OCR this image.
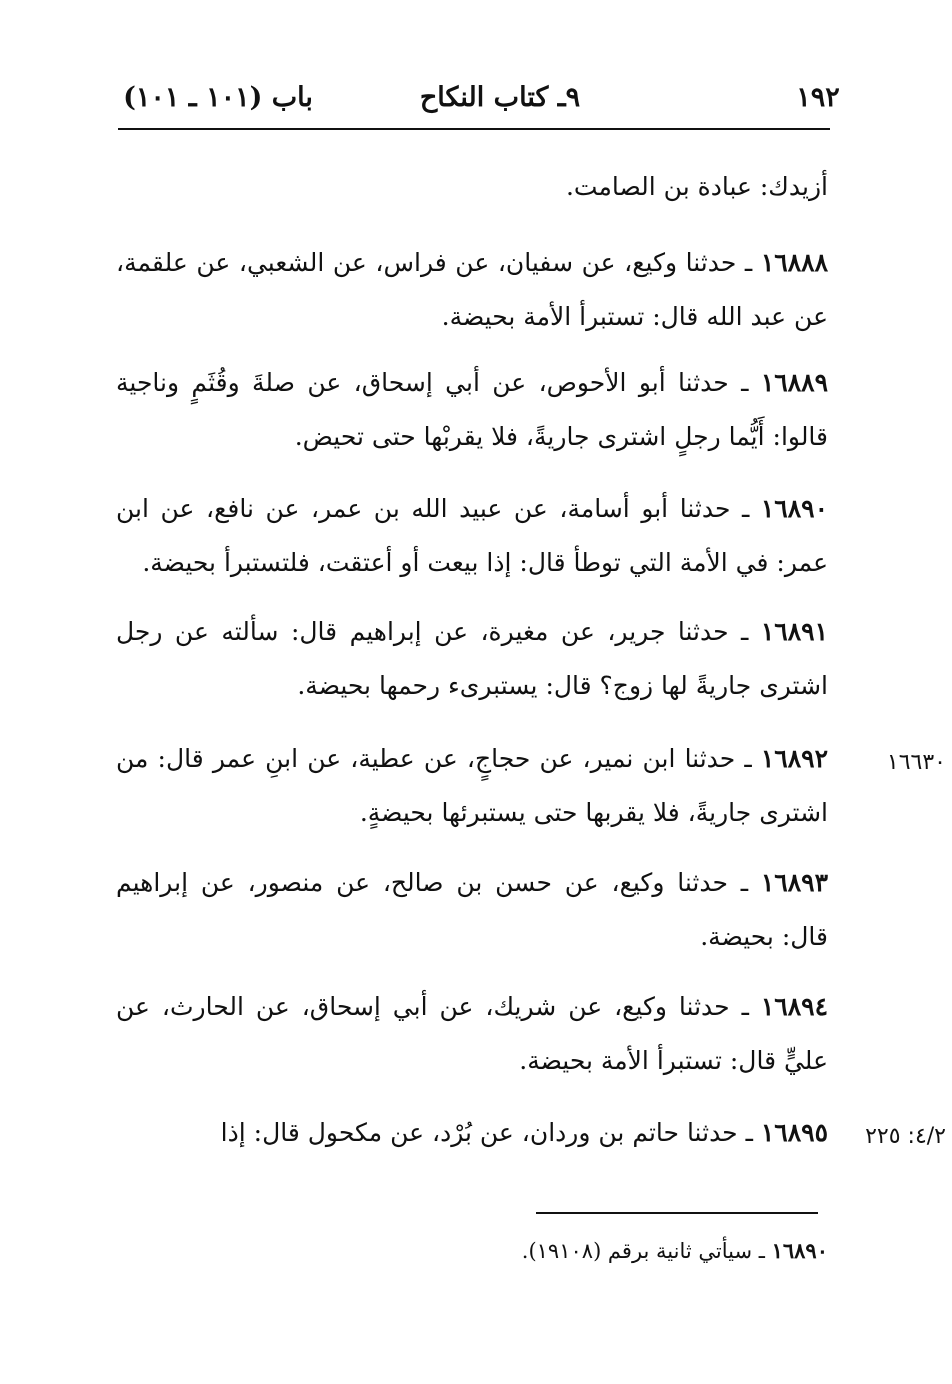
١٩٢
٩ـ كتاب النكاح
باب (١٠١ ـ ١٠١)
أزيدك: عبادة بن الصامت.
١٦٨٨٨ ـ حدثنا وكيع، عن سفيان، عن فراس، عن الشعبي، عن علقمة، عن عبد الله قال: تستبرأ الأمة بحيضة.
١٦٨٨٩ ـ حدثنا أبو الأحوص، عن أبي إسحاق، عن صلةَ وقُثَمٍ وناجية قالوا: أَيُّما رجلٍ اشترى جاريةً، فلا يقربْها حتى تحيض.
١٦٨٩٠ ـ حدثنا أبو أسامة، عن عبيد الله بن عمر، عن نافع، عن ابن عمر: في الأمة التي توطأ قال: إذا بيعت أو أعتقت، فلتستبرأ بحيضة.
١٦٨٩١ ـ حدثنا جرير، عن مغيرة، عن إبراهيم قال: سألته عن رجل اشترى جاريةً لها زوج؟ قال: يستبرىء رحمها بحيضة.
١٦٨٩٢ ـ حدثنا ابن نمير، عن حجاجٍ، عن عطية، عن ابنِ عمر قال: من اشترى جاريةً، فلا يقربها حتى يستبرئها بحيضةٍ.
١٦٦٣٠
١٦٨٩٣ ـ حدثنا وكيع، عن حسن بن صالح، عن منصور، عن إبراهيم قال: بحيضة.
١٦٨٩٤ ـ حدثنا وكيع، عن شريك، عن أبي إسحاق، عن الحارث، عن عليٍّ قال: تستبرأ الأمة بحيضة.
١٦٨٩٥ ـ حدثنا حاتم بن وردان، عن بُرْد، عن مكحول قال: إذا	٤/٢: ٢٢٥
١٦٨٩٠ ـ سيأتي ثانية برقم (١٩١٠٨).
